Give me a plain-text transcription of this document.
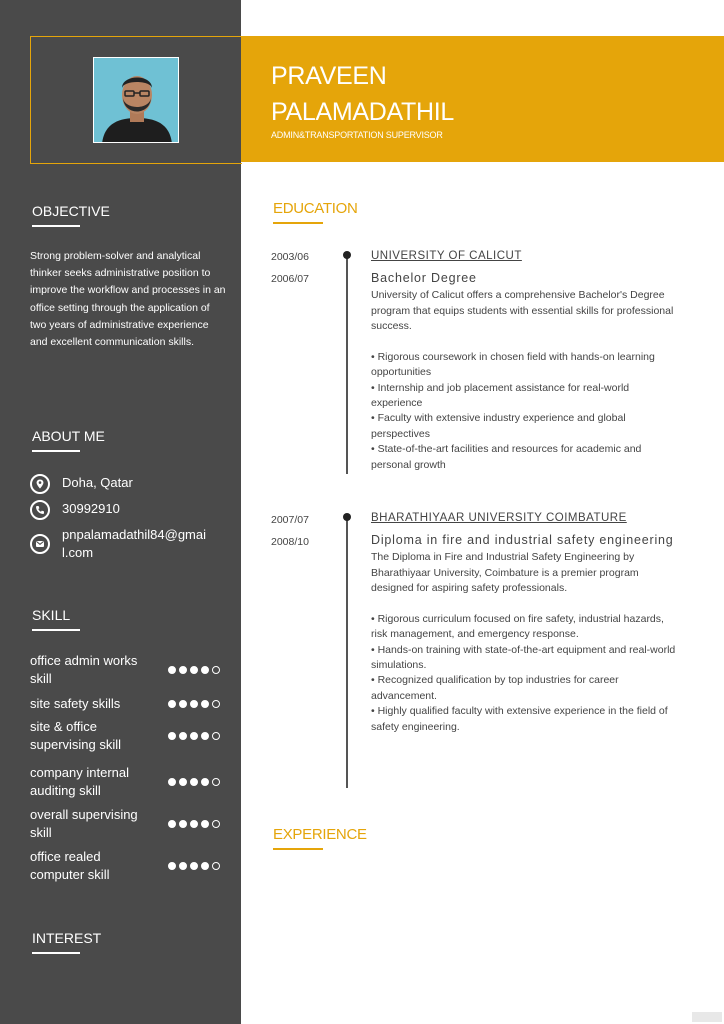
PRAVEEN
PALAMADATHIL
ADMIN&TRANSPORTATION SUPERVISOR
OBJECTIVE
Strong problem-solver and analytical thinker seeks administrative position to improve the workflow and processes in an office setting through the application of two years of administrative experience and excellent communication skills.
ABOUT ME
Doha, Qatar
30992910
pnpalamadathil84@gmail.com
SKILL
office admin works skill
site safety skills
site & office supervising skill
company internal auditing skill
overall supervising skill
office realed computer skill
INTEREST
EDUCATION
2003/06
2006/07
UNIVERSITY OF CALICUT
Bachelor Degree
University of Calicut offers a comprehensive Bachelor's Degree program that equips students with essential skills for professional success.
• Rigorous coursework in chosen field with hands-on learning opportunities
• Internship and job placement assistance for real-world experience
• Faculty with extensive industry experience and global perspectives
• State-of-the-art facilities and resources for academic and personal growth
2007/07
2008/10
BHARATHIYAAR UNIVERSITY COIMBATURE
Diploma in fire and industrial safety engineering
The Diploma in Fire and Industrial Safety Engineering by Bharathiyaar University, Coimbature is a premier program designed for aspiring safety professionals.
• Rigorous curriculum focused on fire safety, industrial hazards, risk management, and emergency response.
• Hands-on training with state-of-the-art equipment and real-world simulations.
• Recognized qualification by top industries for career advancement.
• Highly qualified faculty with extensive experience in the field of safety engineering.
EXPERIENCE
